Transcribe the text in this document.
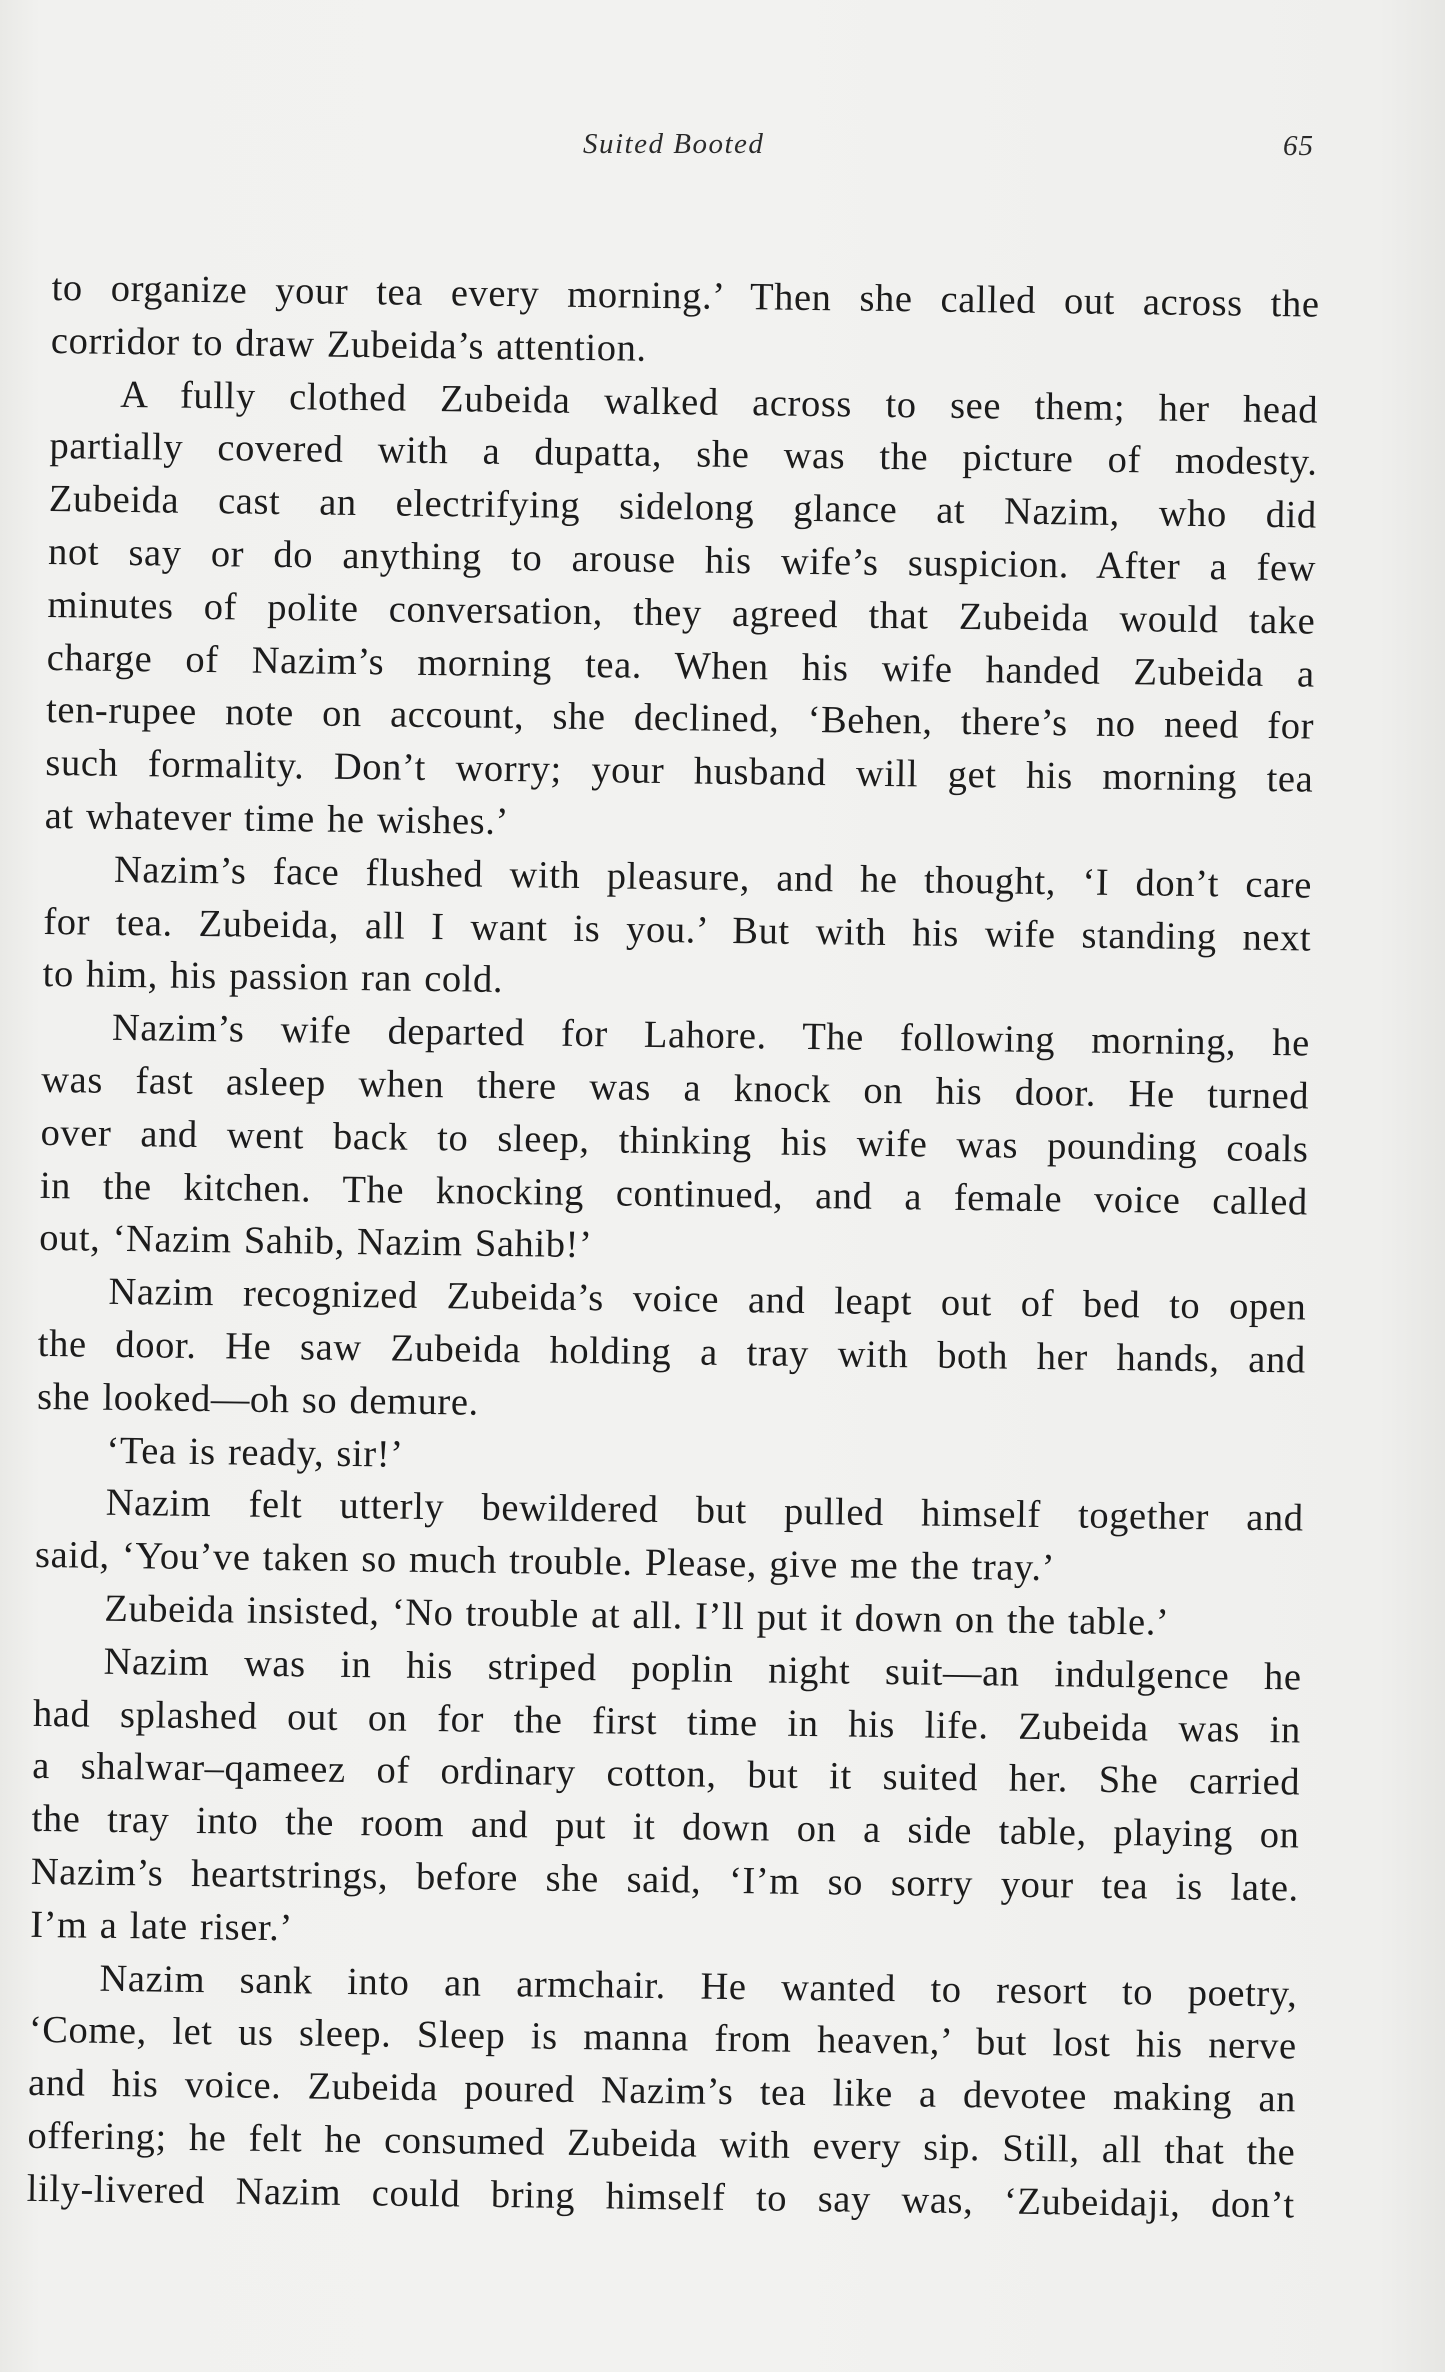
Suited Booted	65
to organize your tea every morning.’ Then she called out across the
corridor to draw Zubeida’s attention.
A fully clothed Zubeida walked across to see them; her head
partially covered with a dupatta, she was the picture of modesty.
Zubeida cast an electrifying sidelong glance at Nazim, who did
not say or do anything to arouse his wife’s suspicion. After a few
minutes of polite conversation, they agreed that Zubeida would take
charge of Nazim’s morning tea. When his wife handed Zubeida a
ten-rupee note on account, she declined, ‘Behen, there’s no need for
such formality. Don’t worry; your husband will get his morning tea
at whatever time he wishes.’
Nazim’s face flushed with pleasure, and he thought, ‘I don’t care
for tea. Zubeida, all I want is you.’ But with his wife standing next
to him, his passion ran cold.
Nazim’s wife departed for Lahore. The following morning, he
was fast asleep when there was a knock on his door. He turned
over and went back to sleep, thinking his wife was pounding coals
in the kitchen. The knocking continued, and a female voice called
out, ‘Nazim Sahib, Nazim Sahib!’
Nazim recognized Zubeida’s voice and leapt out of bed to open
the door. He saw Zubeida holding a tray with both her hands, and
she looked—oh so demure.
‘Tea is ready, sir!’
Nazim felt utterly bewildered but pulled himself together and
said, ‘You’ve taken so much trouble. Please, give me the tray.’
Zubeida insisted, ‘No trouble at all. I’ll put it down on the table.’
Nazim was in his striped poplin night suit—an indulgence he
had splashed out on for the first time in his life. Zubeida was in
a shalwar–qameez of ordinary cotton, but it suited her. She carried
the tray into the room and put it down on a side table, playing on
Nazim’s heartstrings, before she said, ‘I’m so sorry your tea is late.
I’m a late riser.’
Nazim sank into an armchair. He wanted to resort to poetry,
‘Come, let us sleep. Sleep is manna from heaven,’ but lost his nerve
and his voice. Zubeida poured Nazim’s tea like a devotee making an
offering; he felt he consumed Zubeida with every sip. Still, all that the
lily-livered Nazim could bring himself to say was, ‘Zubeidaji, don’t
